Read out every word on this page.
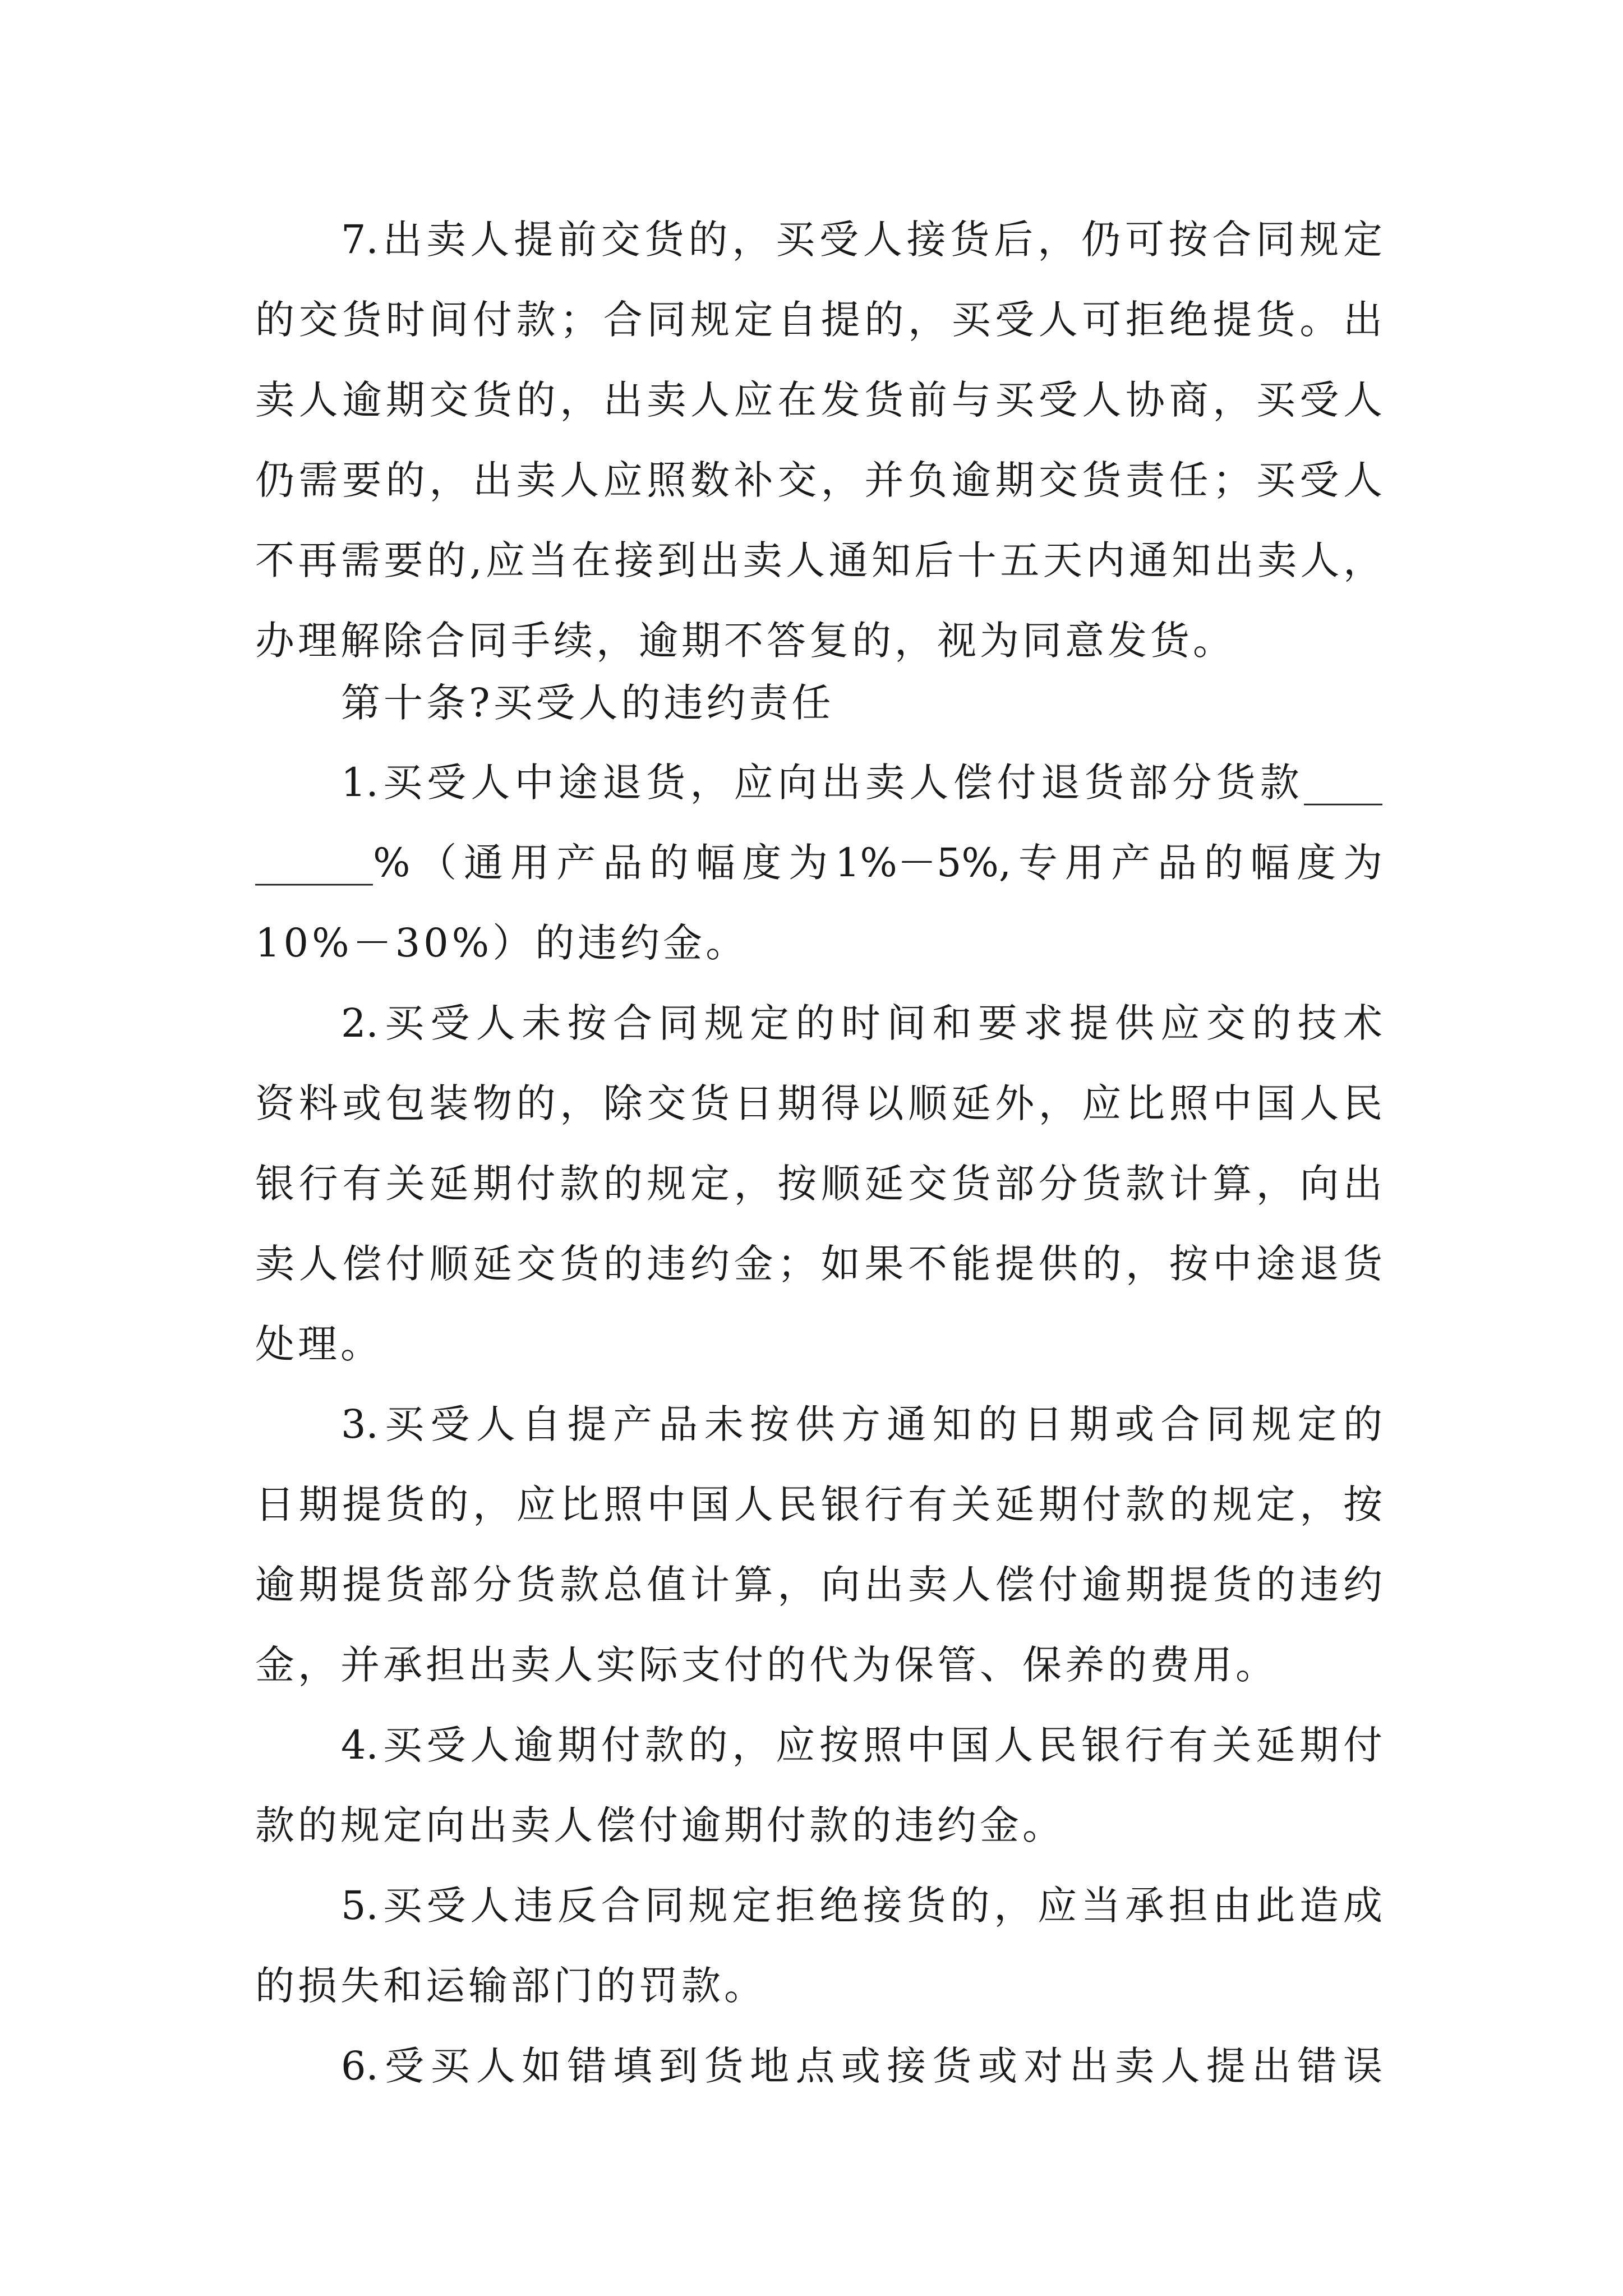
7.出卖人提前交货的，买受人接货后，仍可按合同规定

的交货时间付款；合同规定自提的，买受人可拒绝提货。出

卖人逾期交货的，出卖人应在发货前与买受人协商，买受人

仍需要的，出卖人应照数补交，并负逾期交货责任；买受人

不再需要的,应当在接到出卖人通知后十五天内通知出卖人，

办理解除合同手续，逾期不答复的，视为同意发货。

第十条?买受人的违约责任

1.买受人中途退货，应向出卖人偿付退货部分货款____

______%（通用产品的幅度为1%－5%,专用产品的幅度为

10%－30%）的违约金。

2.买受人未按合同规定的时间和要求提供应交的技术

资料或包装物的，除交货日期得以顺延外，应比照中国人民

银行有关延期付款的规定，按顺延交货部分货款计算，向出

卖人偿付顺延交货的违约金；如果不能提供的，按中途退货

处理。

3.买受人自提产品未按供方通知的日期或合同规定的

日期提货的，应比照中国人民银行有关延期付款的规定，按

逾期提货部分货款总值计算，向出卖人偿付逾期提货的违约

金，并承担出卖人实际支付的代为保管、保养的费用。

4.买受人逾期付款的，应按照中国人民银行有关延期付

款的规定向出卖人偿付逾期付款的违约金。

5.买受人违反合同规定拒绝接货的，应当承担由此造成

的损失和运输部门的罚款。

6.受买人如错填到货地点或接货或对出卖人提出错误
